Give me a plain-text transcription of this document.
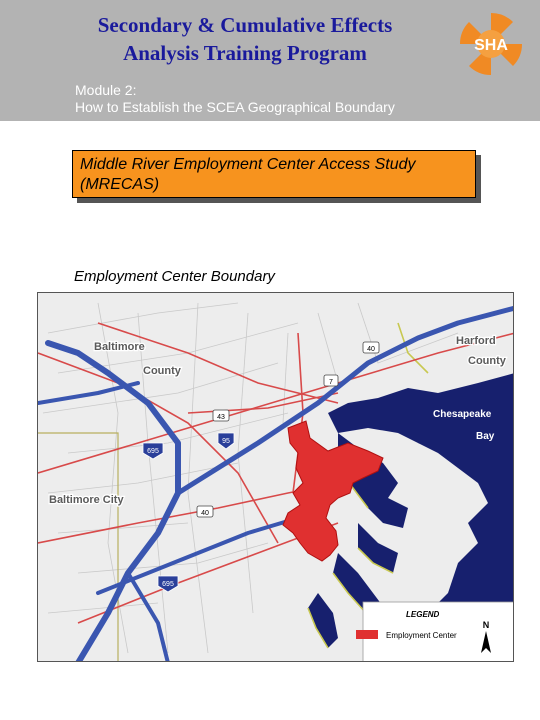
Secondary & Cumulative Effects
Analysis Training Program	SHA
Module 2:
How to Establish the SCEA Geographical Boundary
Middle River Employment Center Access Study
(MRECAS)
Employment Center Boundary
40
7
43
95
695
40
695
Baltimore
County
Harford
County
Baltimore City
Chesapeake
Bay
LEGEND
Employment Center
N
